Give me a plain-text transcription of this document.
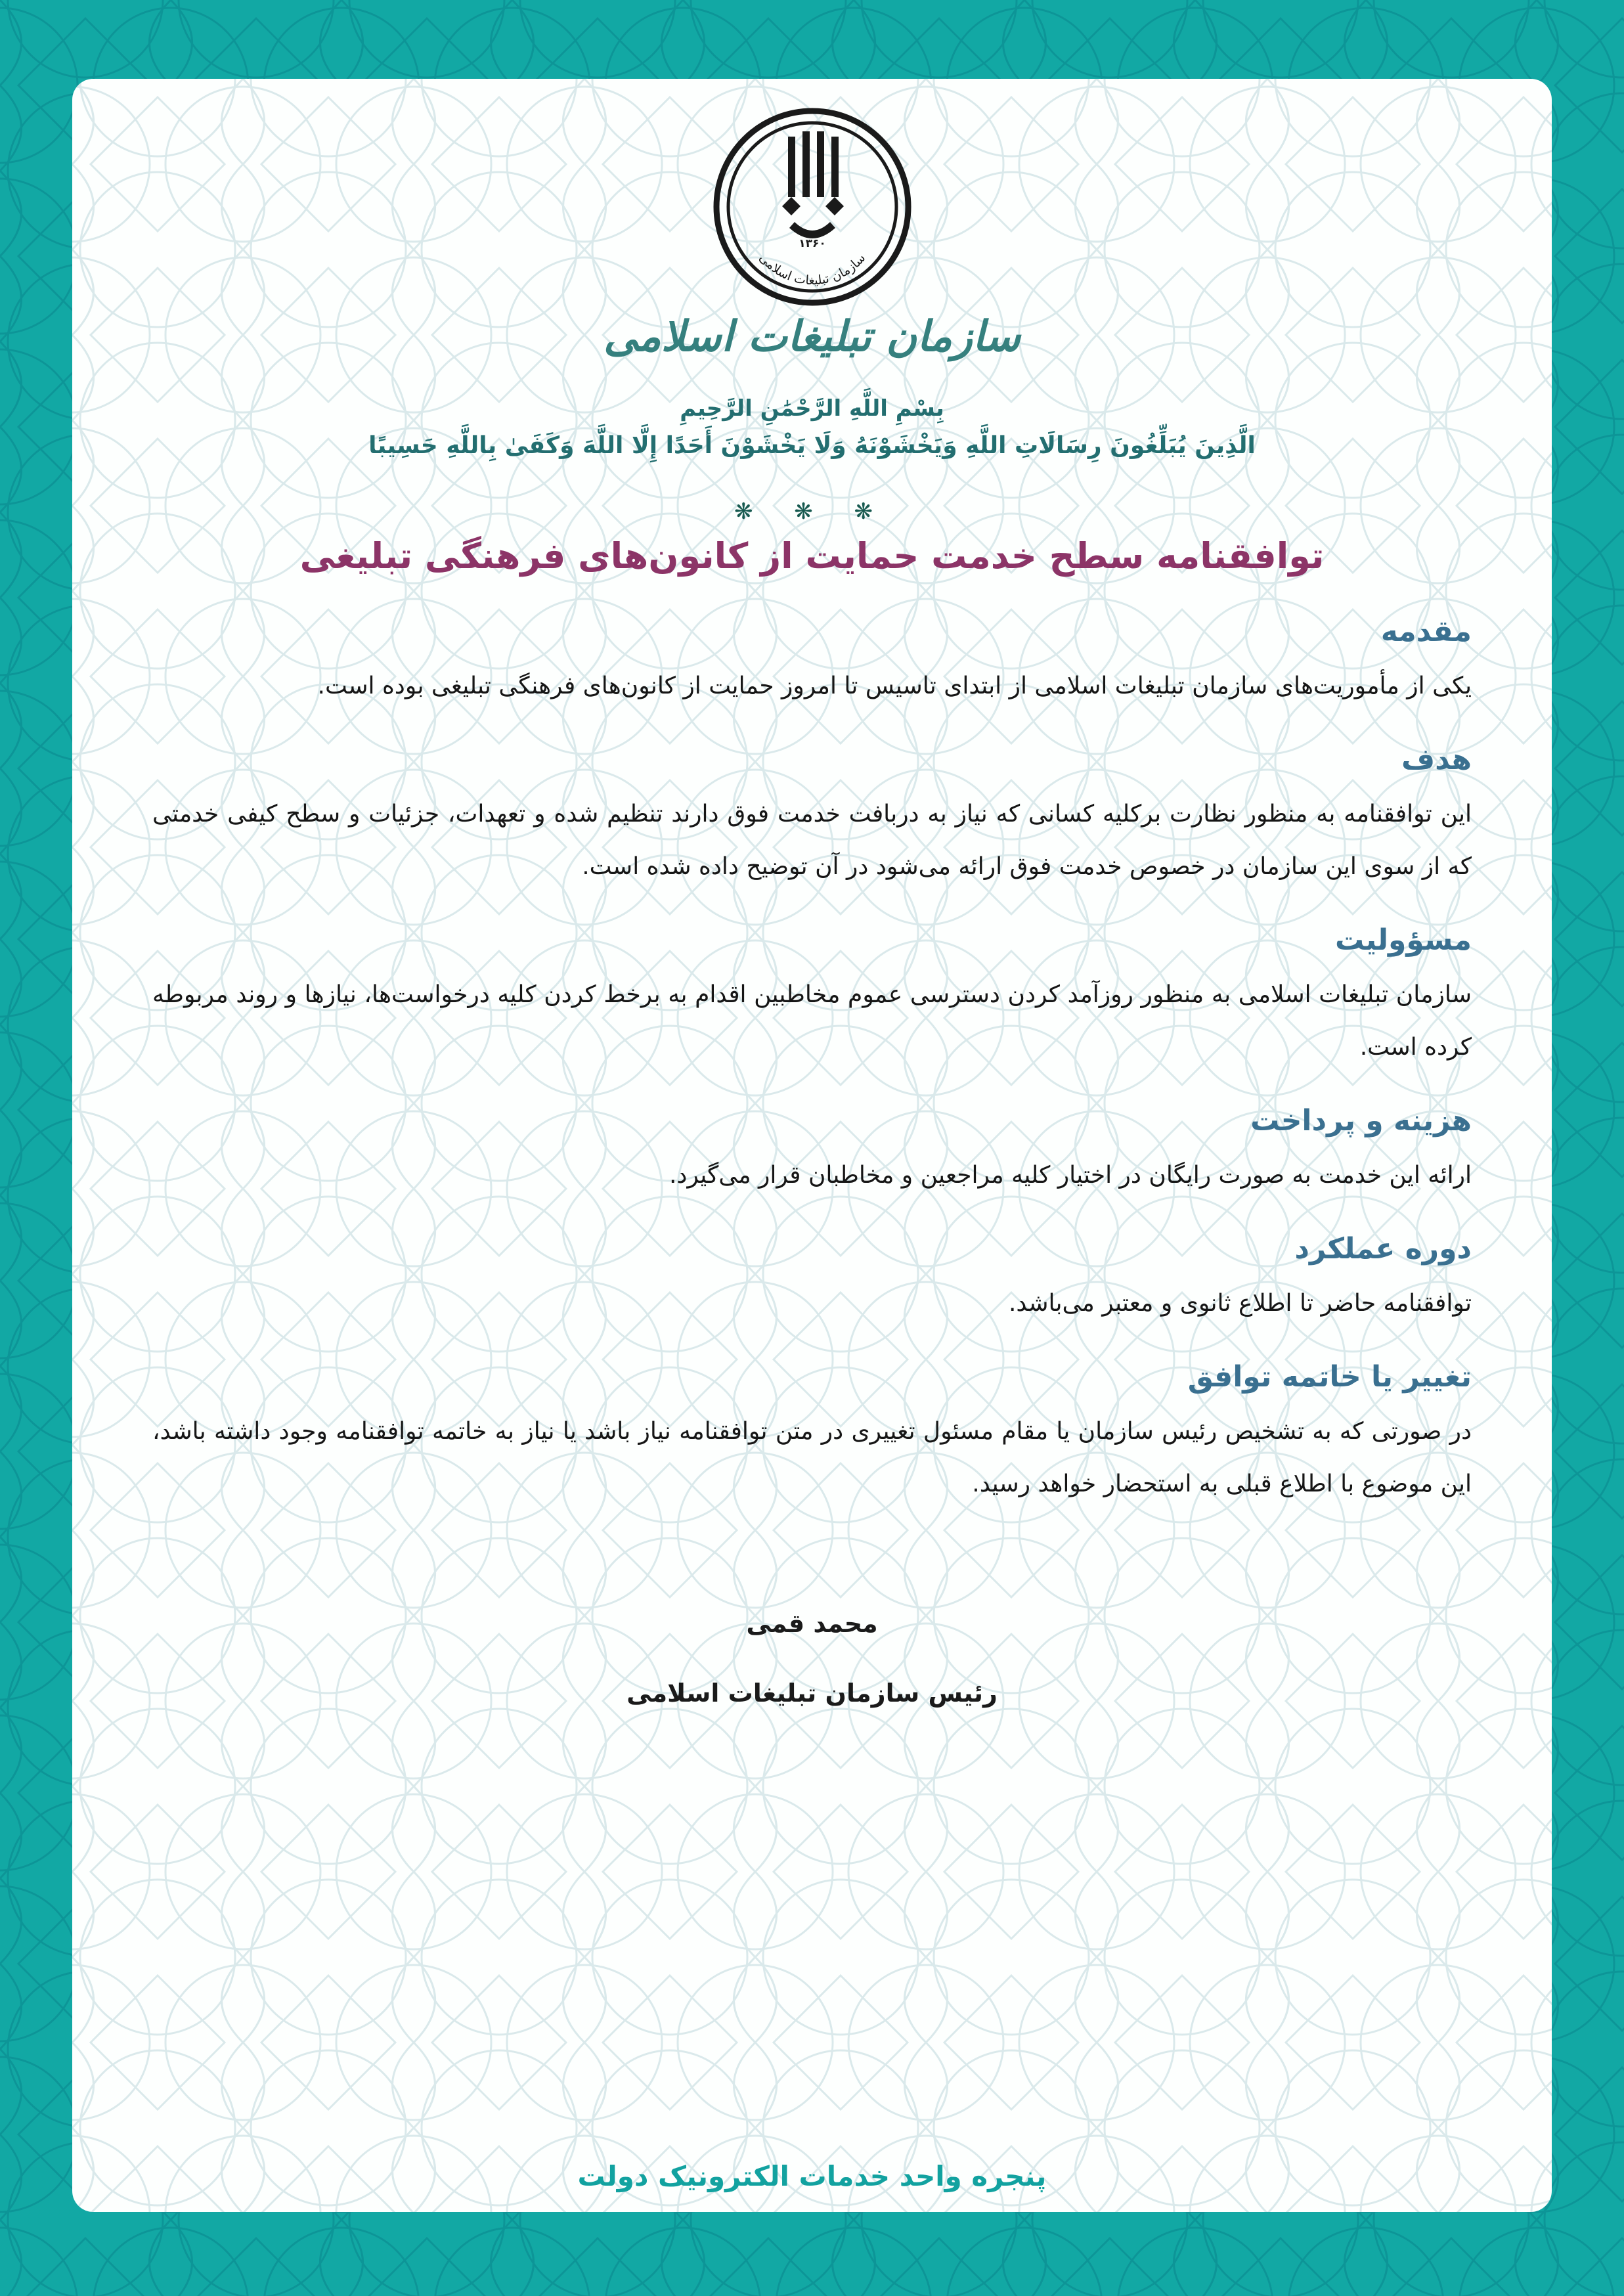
۱۳۶۰
سازمان تبلیغات اسلامی
سازمان تبلیغات اسلامی
بِسْمِ اللَّهِ الرَّحْمَٰنِ الرَّحِيمِ
الَّذِينَ يُبَلِّغُونَ رِسَالَاتِ اللَّهِ وَيَخْشَوْنَهُ وَلَا يَخْشَوْنَ أَحَدًا إِلَّا اللَّهَ وَكَفَىٰ بِاللَّهِ حَسِيبًا
❋ ❋ ❋
توافقنامه سطح خدمت حمایت از کانون‌های فرهنگی تبلیغی
مقدمه
یکی از مأموریت‌های سازمان تبلیغات اسلامی از ابتدای تاسیس تا امروز حمایت از کانون‌های فرهنگی تبلیغی بوده است.
هدف
این توافقنامه به منظور نظارت برکلیه کسانی که نیاز به دربافت خدمت فوق دارند تنظیم شده و تعهدات، جزئیات و سطح کیفی خدمتی که از سوی این سازمان در خصوص خدمت فوق ارائه می‌شود در آن توضیح داده شده است.
مسؤولیت
سازمان تبلیغات اسلامی به منظور روزآمد کردن دسترسی عموم مخاطبین اقدام به برخط کردن کلیه درخواست‌ها، نیازها و روند مربوطه کرده است.
هزینه و پرداخت
ارائه این خدمت به صورت رایگان در اختیار کلیه مراجعین و مخاطبان قرار می‌گیرد.
دوره عملکرد
توافقنامه حاضر تا اطلاع ثانوی و معتبر می‌باشد.
تغییر یا خاتمه توافق
در صورتی که به تشخیص رئیس سازمان یا مقام مسئول تغییری در متن توافقنامه نیاز باشد یا نیاز به خاتمه توافقنامه وجود داشته باشد، این موضوع با اطلاع قبلی به استحضار خواهد رسید.
محمد قمی
رئیس سازمان تبلیغات اسلامی
پنجره واحد خدمات الکترونیک دولت
